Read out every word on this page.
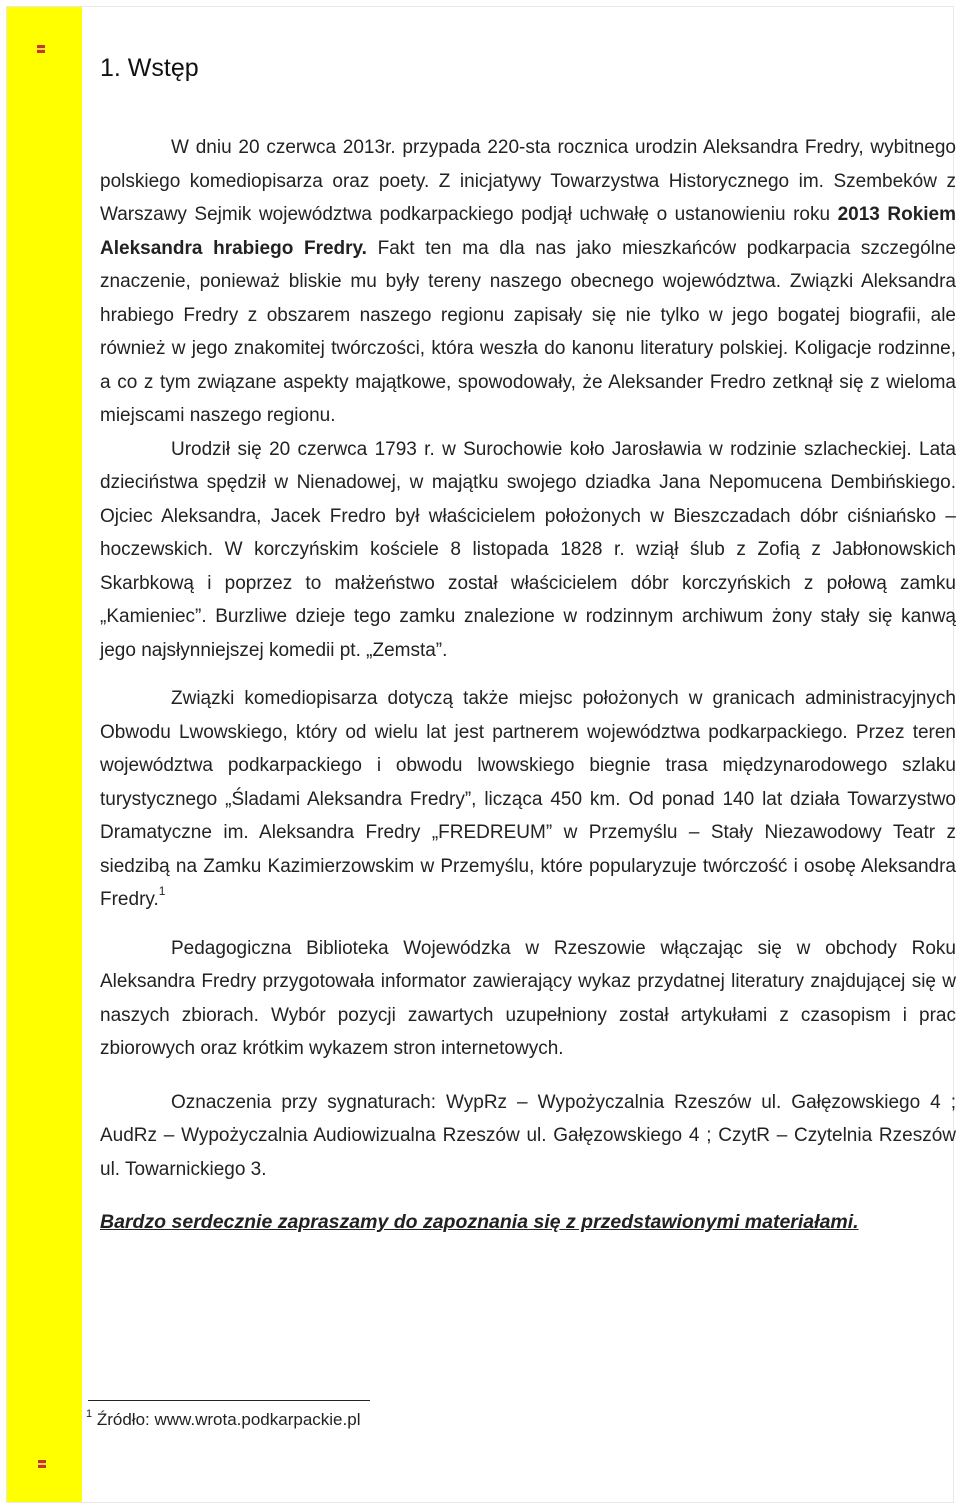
1. Wstęp

W dniu 20 czerwca 2013r. przypada 220-sta rocznica urodzin Aleksandra Fredry, wybitnego polskiego komediopisarza oraz poety. Z inicjatywy Towarzystwa Historycznego im. Szembeków z Warszawy Sejmik województwa podkarpackiego podjął uchwałę o ustanowieniu roku 2013 Rokiem Aleksandra hrabiego Fredry. Fakt ten ma dla nas jako mieszkańców podkarpacia szczególne znaczenie, ponieważ bliskie mu były tereny naszego obecnego województwa. Związki Aleksandra hrabiego Fredry z obszarem naszego regionu zapisały się nie tylko w jego bogatej biografii, ale również w jego znakomitej twórczości, która weszła do kanonu literatury polskiej. Koligacje rodzinne, a co z tym związane aspekty majątkowe, spowodowały, że Aleksander Fredro zetknął się z wieloma miejscami naszego regionu.

Urodził się 20 czerwca 1793 r. w Surochowie koło Jarosławia w rodzinie szlacheckiej. Lata dzieciństwa spędził w Nienadowej, w majątku swojego dziadka Jana Nepomucena Dembińskiego. Ojciec Aleksandra, Jacek Fredro był właścicielem położonych w Bieszczadach dóbr ciśniańsko – hoczewskich. W korczyńskim kościele 8 listopada 1828 r. wziął ślub z Zofią z Jabłonowskich Skarbkową i poprzez to małżeństwo został właścicielem dóbr korczyńskich z połową zamku „Kamieniec”. Burzliwe dzieje tego zamku znalezione w rodzinnym archiwum żony stały się kanwą jego najsłynniejszej komedii pt. „Zemsta”.

Związki komediopisarza dotyczą także miejsc położonych w granicach administracyjnych Obwodu Lwowskiego, który od wielu lat jest partnerem województwa podkarpackiego. Przez teren województwa podkarpackiego i obwodu lwowskiego biegnie trasa międzynarodowego szlaku turystycznego „Śladami Aleksandra Fredry”, licząca 450 km. Od ponad 140 lat działa Towarzystwo Dramatyczne im. Aleksandra Fredry „FREDREUM” w Przemyślu – Stały Niezawodowy Teatr z siedzibą na Zamku Kazimierzowskim w Przemyślu, które popularyzuje twórczość i osobę Aleksandra Fredry.$^1$

Pedagogiczna Biblioteka Wojewódzka w Rzeszowie włączając się w obchody Roku Aleksandra Fredry przygotowała informator zawierający wykaz przydatnej literatury znajdującej się w naszych zbiorach. Wybór pozycji zawartych uzupełniony został artykułami z czasopism i prac zbiorowych oraz krótkim wykazem stron internetowych.

Oznaczenia przy sygnaturach: WypRz – Wypożyczalnia Rzeszów ul. Gałęzowskiego 4 ; AudRz – Wypożyczalnia Audiowizualna Rzeszów ul. Gałęzowskiego 4 ; CzytR – Czytelnia Rzeszów ul. Towarnickiego 3.

Bardzo serdecznie zapraszamy do zapoznania się z przedstawionymi materiałami.

$^1$ Źródło: www.wrota.podkarpackie.pl
